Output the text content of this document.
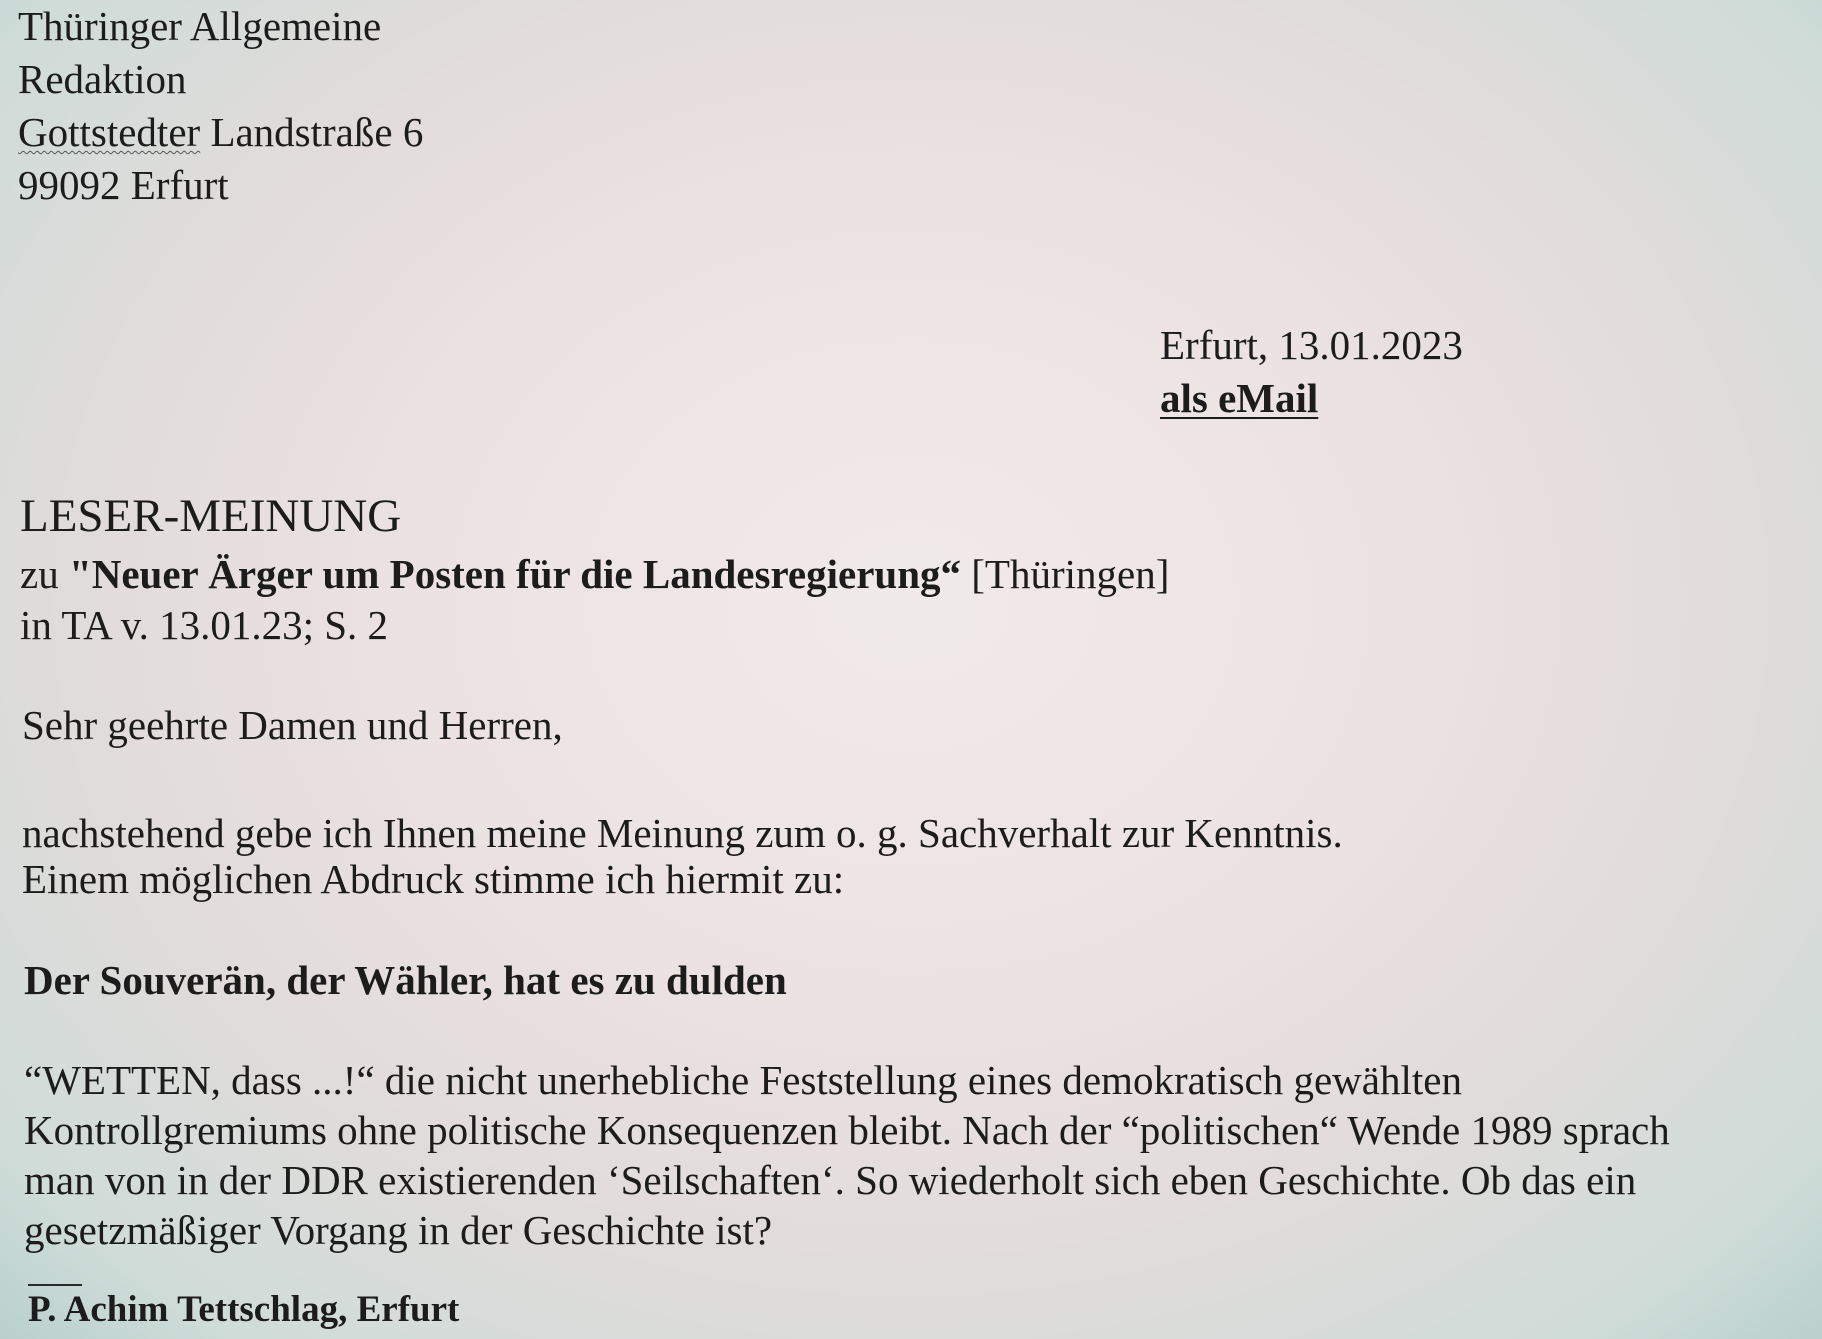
Thüringer Allgemeine
Redaktion
Gottstedter Landstraße 6
99092 Erfurt
Erfurt, 13.01.2023
als eMail
LESER-MEINUNG
zu "Neuer Ärger um Posten für die Landesregierung“ [Thüringen]
in TA v. 13.01.23; S. 2
Sehr geehrte Damen und Herren,
nachstehend gebe ich Ihnen meine Meinung zum o. g. Sachverhalt zur Kenntnis.
Einem möglichen Abdruck stimme ich hiermit zu:
Der Souverän, der Wähler, hat es zu dulden
“WETTEN, dass ...!“ die nicht unerhebliche Feststellung eines demokratisch gewählten
Kontrollgremiums ohne politische Konsequenzen bleibt. Nach der “politischen“ Wende 1989 sprach
man von in der DDR existierenden ‘Seilschaften‘. So wiederholt sich eben Geschichte. Ob das ein
gesetzmäßiger Vorgang in der Geschichte ist?
P. Achim Tettschlag, Erfurt
